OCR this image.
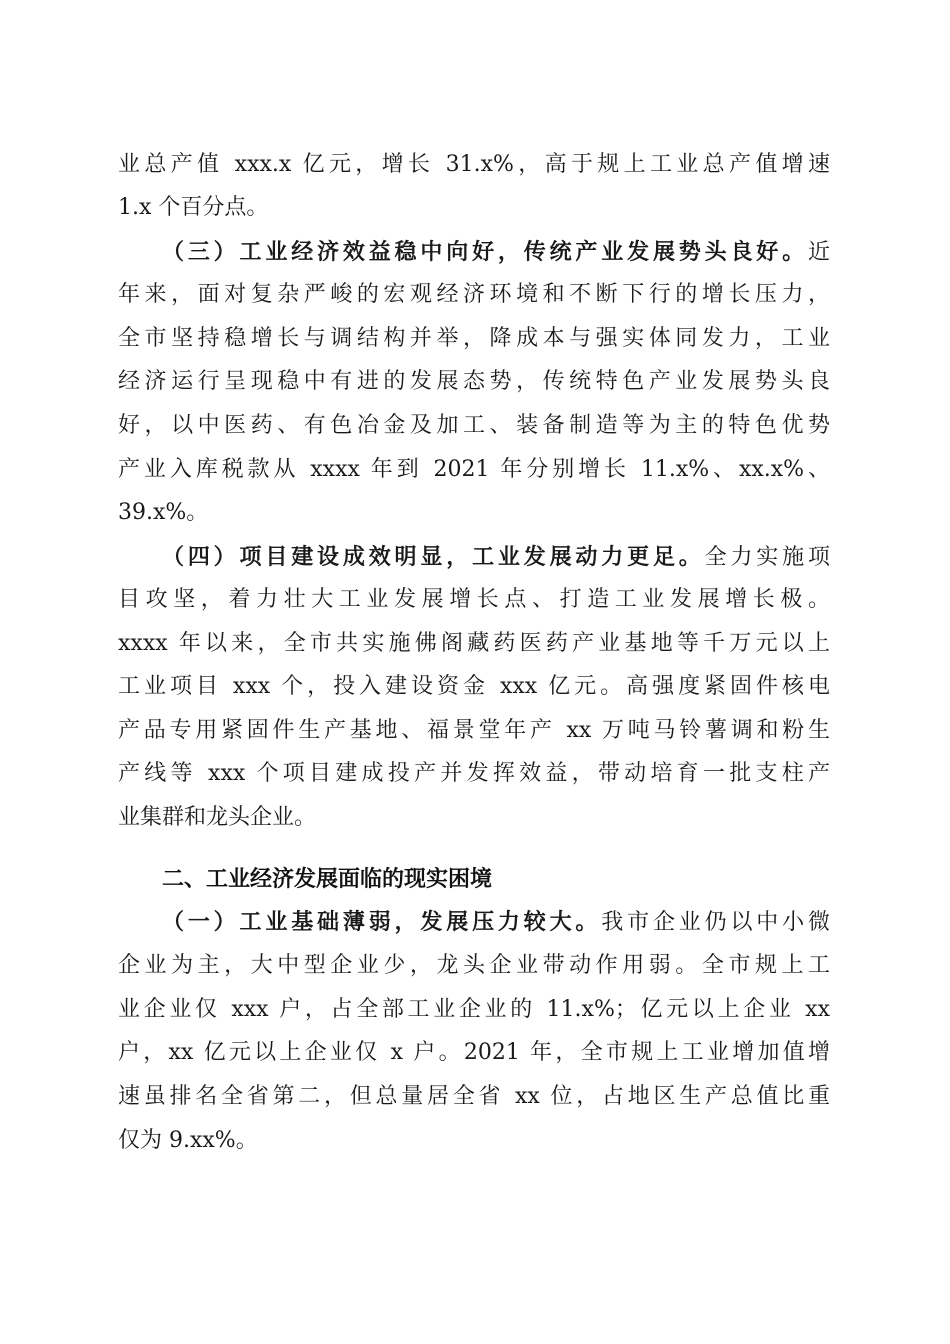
业总产值 xxx.x 亿元，增长 31.x%，高于规上工业总产值增速
1.x 个百分点。
（三）工业经济效益稳中向好，传统产业发展势头良好。近
年来，面对复杂严峻的宏观经济环境和不断下行的增长压力，
全市坚持稳增长与调结构并举，降成本与强实体同发力，工业
经济运行呈现稳中有进的发展态势，传统特色产业发展势头良
好，以中医药、有色冶金及加工、装备制造等为主的特色优势
产业入库税款从 xxxx 年到 2021 年分别增长 11.x%、xx.x%、
39.x%。
（四）项目建设成效明显，工业发展动力更足。全力实施项
目攻坚，着力壮大工业发展增长点、打造工业发展增长极。
xxxx 年以来，全市共实施佛阁藏药医药产业基地等千万元以上
工业项目 xxx 个，投入建设资金 xxx 亿元。高强度紧固件核电
产品专用紧固件生产基地、福景堂年产 xx 万吨马铃薯调和粉生
产线等 xxx 个项目建成投产并发挥效益，带动培育一批支柱产
业集群和龙头企业。
二、工业经济发展面临的现实困境
（一）工业基础薄弱，发展压力较大。我市企业仍以中小微
企业为主，大中型企业少，龙头企业带动作用弱。全市规上工
业企业仅 xxx 户，占全部工业企业的 11.x%；亿元以上企业 xx
户，xx 亿元以上企业仅 x 户。2021 年，全市规上工业增加值增
速虽排名全省第二，但总量居全省 xx 位，占地区生产总值比重
仅为 9.xx%。
